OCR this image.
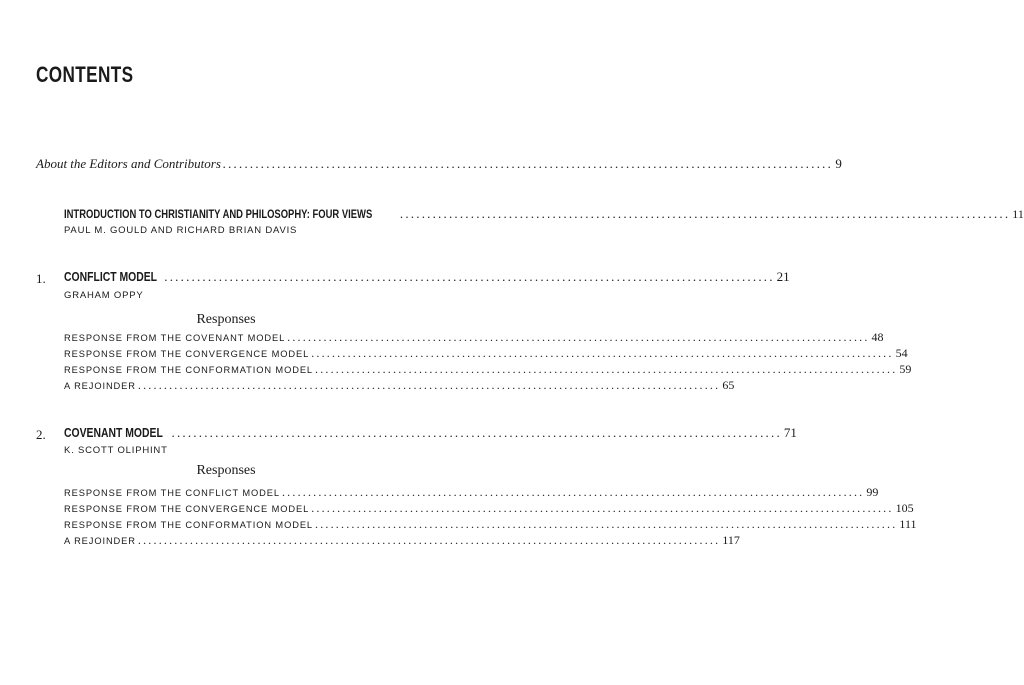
CONTENTS
About the Editors and Contributors .....	9
INTRODUCTION TO CHRISTIANITY AND PHILOSOPHY: FOUR VIEWS .....	11
PAUL M. GOULD AND RICHARD BRIAN DAVIS
1. CONFLICT MODEL .....	21
GRAHAM OPPY
Responses
RESPONSE FROM THE COVENANT MODEL .....	48
RESPONSE FROM THE CONVERGENCE MODEL .....	54
RESPONSE FROM THE CONFORMATION MODEL .....	59
A REJOINDER .....	65
2. COVENANT MODEL .....	71
K. SCOTT OLIPHINT
Responses
RESPONSE FROM THE CONFLICT MODEL .....	99
RESPONSE FROM THE CONVERGENCE MODEL .....	105
RESPONSE FROM THE CONFORMATION MODEL .....	111
A REJOINDER .....	117
